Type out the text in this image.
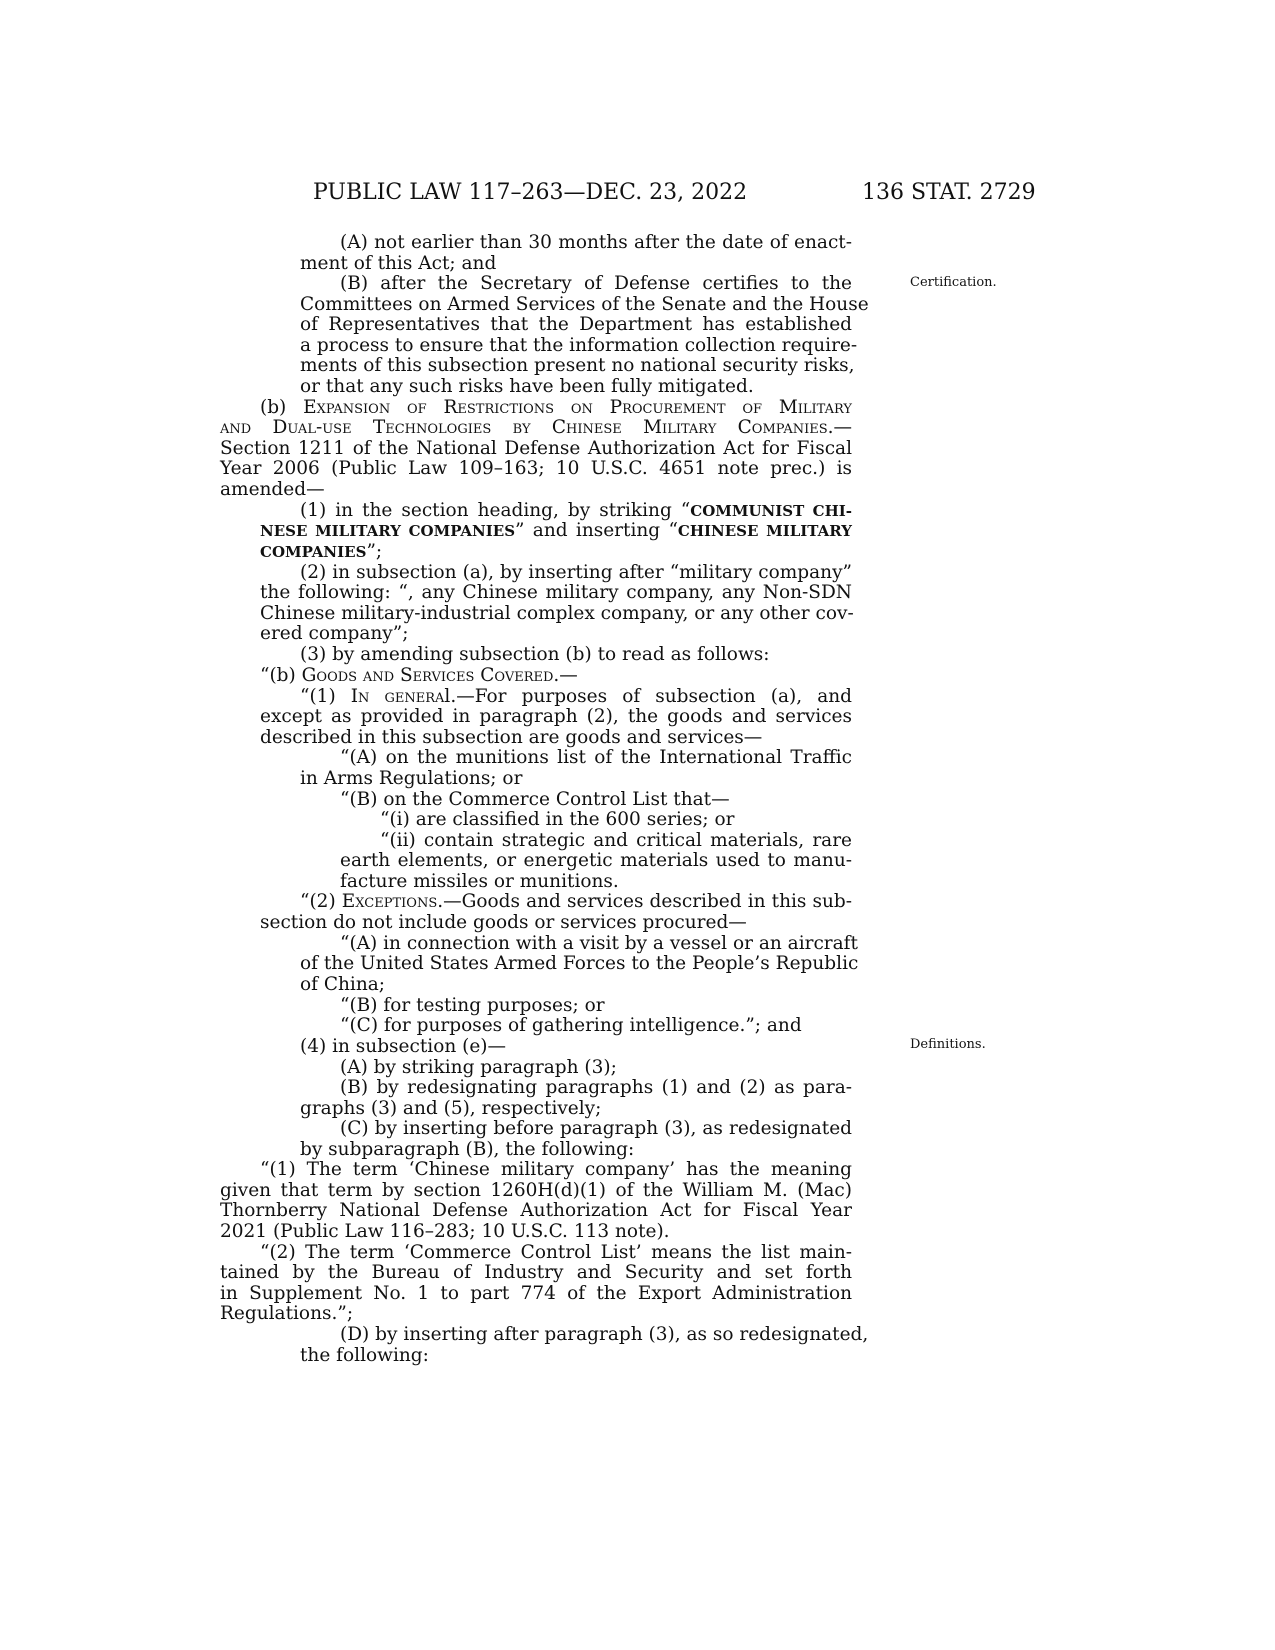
PUBLIC LAW 117–263—DEC. 23, 2022	136 STAT. 2729
Certification.
Definitions.
(A) not earlier than 30 months after the date of enact-
ment of this Act; and
(B) after the Secretary of Defense certifies to the
Committees on Armed Services of the Senate and the House
of Representatives that the Department has established
a process to ensure that the information collection require-
ments of this subsection present no national security risks,
or that any such risks have been fully mitigated.
(b) Expansion of Restrictions on Procurement of Military
and Dual-use Technologies by Chinese Military Companies.—
Section 1211 of the National Defense Authorization Act for Fiscal
Year 2006 (Public Law 109–163; 10 U.S.C. 4651 note prec.) is
amended—
(1) in the section heading, by striking “COMMUNIST CHI-
NESE MILITARY COMPANIES” and inserting “CHINESE MILITARY
COMPANIES”;
(2) in subsection (a), by inserting after “military company”
the following: “, any Chinese military company, any Non-SDN
Chinese military-industrial complex company, or any other cov-
ered company”;
(3) by amending subsection (b) to read as follows:
“(b) Goods and Services Covered.—
“(1) In general.—For purposes of subsection (a), and
except as provided in paragraph (2), the goods and services
described in this subsection are goods and services—
“(A) on the munitions list of the International Traffic
in Arms Regulations; or
“(B) on the Commerce Control List that—
“(i) are classified in the 600 series; or
“(ii) contain strategic and critical materials, rare
earth elements, or energetic materials used to manu-
facture missiles or munitions.
“(2) Exceptions.—Goods and services described in this sub-
section do not include goods or services procured—
“(A) in connection with a visit by a vessel or an aircraft
of the United States Armed Forces to the People’s Republic
of China;
“(B) for testing purposes; or
“(C) for purposes of gathering intelligence.”; and
(4) in subsection (e)—
(A) by striking paragraph (3);
(B) by redesignating paragraphs (1) and (2) as para-
graphs (3) and (5), respectively;
(C) by inserting before paragraph (3), as redesignated
by subparagraph (B), the following:
“(1) The term ‘Chinese military company’ has the meaning
given that term by section 1260H(d)(1) of the William M. (Mac)
Thornberry National Defense Authorization Act for Fiscal Year
2021 (Public Law 116–283; 10 U.S.C. 113 note).
“(2) The term ‘Commerce Control List’ means the list main-
tained by the Bureau of Industry and Security and set forth
in Supplement No. 1 to part 774 of the Export Administration
Regulations.”;
(D) by inserting after paragraph (3), as so redesignated,
the following:
